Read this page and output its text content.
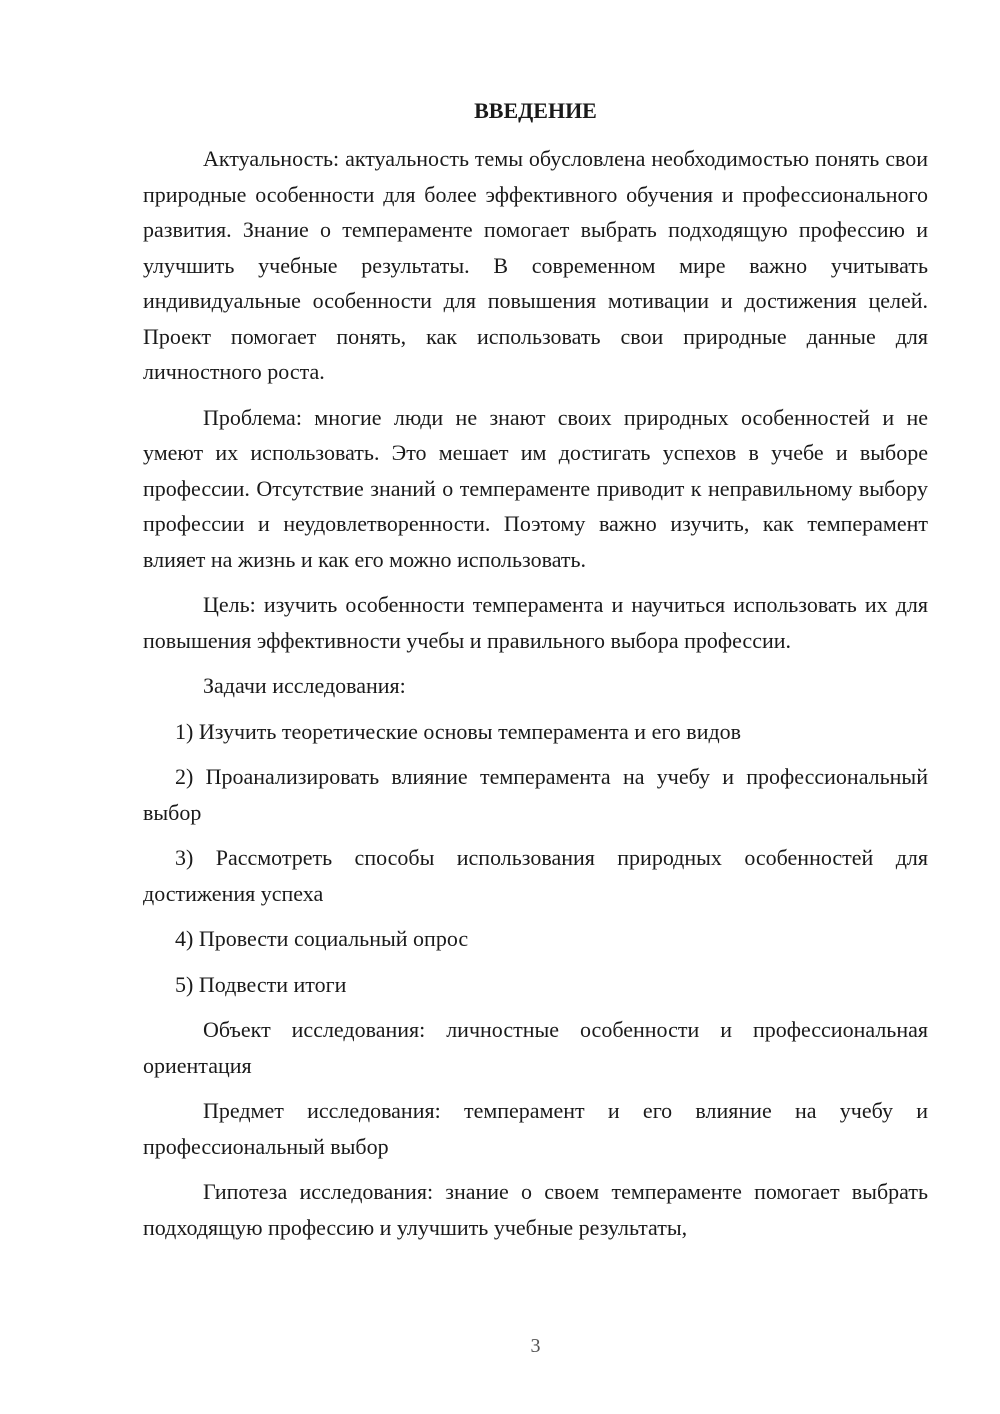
ВВЕДЕНИЕ

Актуальность: актуальность темы обусловлена необходимостью понять свои природные особенности для более эффективного обучения и профессионального развития. Знание о темпераменте помогает выбрать подходящую профессию и улучшить учебные результаты. В современном мире важно учитывать индивидуальные особенности для повышения мотивации и достижения целей. Проект помогает понять, как использовать свои природные данные для личностного роста.

Проблема: многие люди не знают своих природных особенностей и не умеют их использовать. Это мешает им достигать успехов в учебе и выборе профессии. Отсутствие знаний о темпераменте приводит к неправильному выбору профессии и неудовлетворенности. Поэтому важно изучить, как темперамент влияет на жизнь и как его можно использовать.

Цель: изучить особенности темперамента и научиться использовать их для повышения эффективности учебы и правильного выбора профессии.

Задачи исследования:

1) Изучить теоретические основы темперамента и его видов

2) Проанализировать влияние темперамента на учебу и профессиональный выбор

3) Рассмотреть способы использования природных особенностей для достижения успеха

4) Провести социальный опрос

5) Подвести итоги

Объект исследования: личностные особенности и профессиональная ориентация

Предмет исследования: темперамент и его влияние на учебу и профессиональный выбор

Гипотеза исследования: знание о своем темпераменте помогает выбрать подходящую профессию и улучшить учебные результаты,

3
